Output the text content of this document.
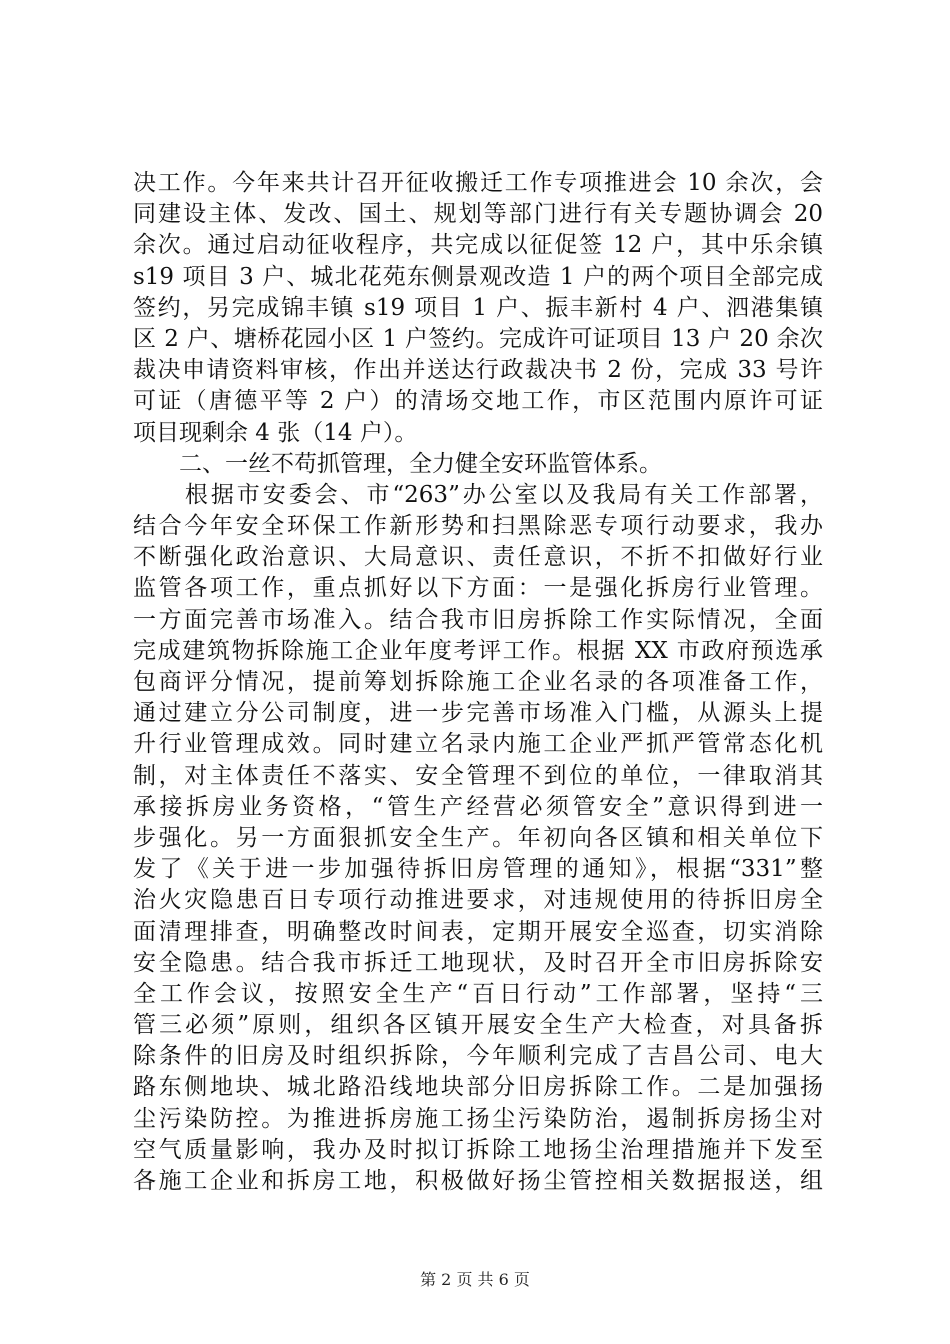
决工作。今年来共计召开征收搬迁工作专项推进会 10 余次，会
同建设主体、发改、国土、规划等部门进行有关专题协调会 20
余次。通过启动征收程序，共完成以征促签 12 户，其中乐余镇
s19 项目 3 户、城北花苑东侧景观改造 1 户的两个项目全部完成
签约，另完成锦丰镇 s19 项目 1 户、振丰新村 4 户、泗港集镇
区 2 户、塘桥花园小区 1 户签约。完成许可证项目 13 户 20 余次
裁决申请资料审核，作出并送达行政裁决书 2 份，完成 33 号许
可证（唐德平等 2 户）的清场交地工作，市区范围内原许可证
项目现剩余 4 张（14 户）。
　　二、一丝不苟抓管理，全力健全安环监管体系。
　　根据市安委会、市“263”办公室以及我局有关工作部署，
结合今年安全环保工作新形势和扫黑除恶专项行动要求，我办
不断强化政治意识、大局意识、责任意识，不折不扣做好行业
监管各项工作，重点抓好以下方面：一是强化拆房行业管理。
一方面完善市场准入。结合我市旧房拆除工作实际情况，全面
完成建筑物拆除施工企业年度考评工作。根据 XX 市政府预选承
包商评分情况，提前筹划拆除施工企业名录的各项准备工作，
通过建立分公司制度，进一步完善市场准入门槛，从源头上提
升行业管理成效。同时建立名录内施工企业严抓严管常态化机
制，对主体责任不落实、安全管理不到位的单位，一律取消其
承接拆房业务资格，“管生产经营必须管安全”意识得到进一
步强化。另一方面狠抓安全生产。年初向各区镇和相关单位下
发了《关于进一步加强待拆旧房管理的通知》，根据“331”整
治火灾隐患百日专项行动推进要求，对违规使用的待拆旧房全
面清理排查，明确整改时间表，定期开展安全巡查，切实消除
安全隐患。结合我市拆迁工地现状，及时召开全市旧房拆除安
全工作会议，按照安全生产“百日行动”工作部署，坚持“三
管三必须”原则，组织各区镇开展安全生产大检查，对具备拆
除条件的旧房及时组织拆除，今年顺利完成了吉昌公司、电大
路东侧地块、城北路沿线地块部分旧房拆除工作。二是加强扬
尘污染防控。为推进拆房施工扬尘污染防治，遏制拆房扬尘对
空气质量影响，我办及时拟订拆除工地扬尘治理措施并下发至
各施工企业和拆房工地，积极做好扬尘管控相关数据报送，组
第 2 页 共 6 页
